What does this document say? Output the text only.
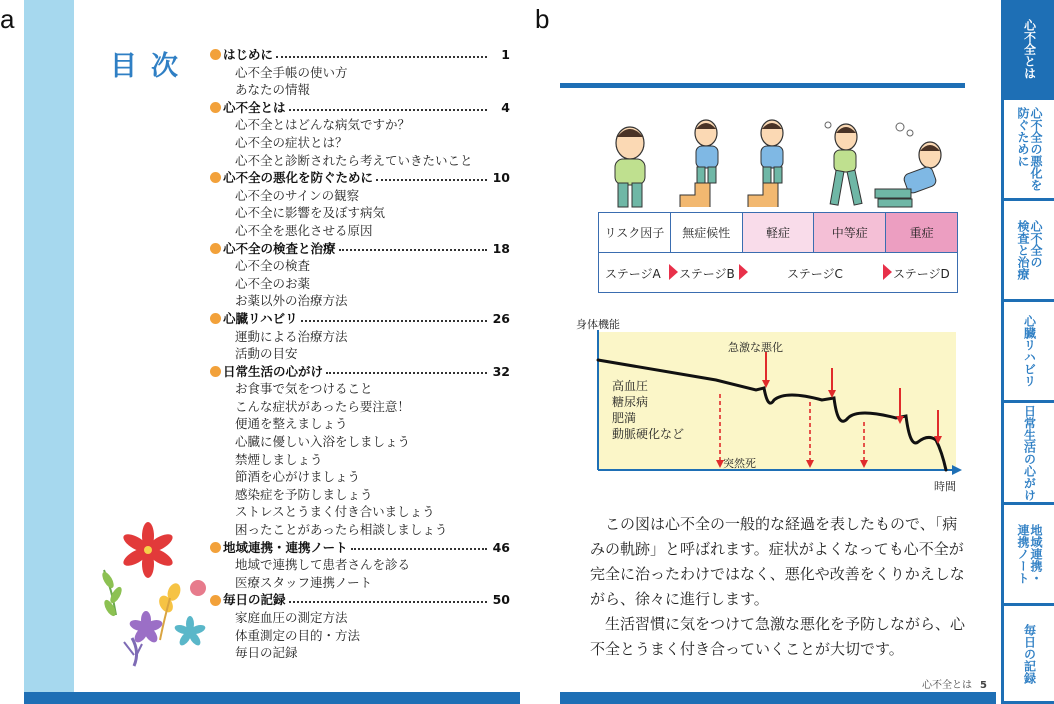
a	b
目次 はじめに	1
心不全手帳の使い方
あなたの情報
心不全とは	4
心不全とはどんな病気ですか？
心不全の症状とは？
心不全と診断されたら考えていきたいこと
心不全の悪化を防ぐために	10
心不全のサインの観察
心不全に影響を及ぼす病気
心不全を悪化させる原因
心不全の検査と治療	18
心不全の検査
心不全のお薬
お薬以外の治療方法
心臓リハビリ	26
運動による治療方法
活動の目安
日常生活の心がけ	32
お食事で気をつけること
こんな症状があったら要注意！
便通を整えましょう
心臓に優しい入浴をしましょう
禁煙しましょう
節酒を心がけましょう
感染症を予防しましょう
ストレスとうまく付き合いましょう
困ったことがあったら相談しましょう
地域連携・連携ノート	46
地域で連携して患者さんを診る
医療スタッフ連携ノート
毎日の記録	50
家庭血圧の測定方法
体重測定の目的・方法
毎日の記録
リスク因子	無症候性	軽症	中等症	重症
ステージA ステージB	ステージC	ステージD
身体機能
急激な悪化
突然死
高血圧
糖尿病
肥満
動脈硬化など
時間

この図は心不全の一般的な経過を表したもので、「病みの軌跡」と呼ばれます。症状がよくなっても心不全が完全に治ったわけではなく、悪化や改善をくりかえしながら、徐々に進行します。

生活習慣に気をつけて急激な悪化を予防しながら、心不全とうまく付き合っていくことが大切です。

心不全とは 5
心不全とは
心不全の悪化を
防ぐために
心不全の
検査と治療
心臓リハビリ
日常生活の心がけ
地域連携・
連携ノート
毎日の記録
